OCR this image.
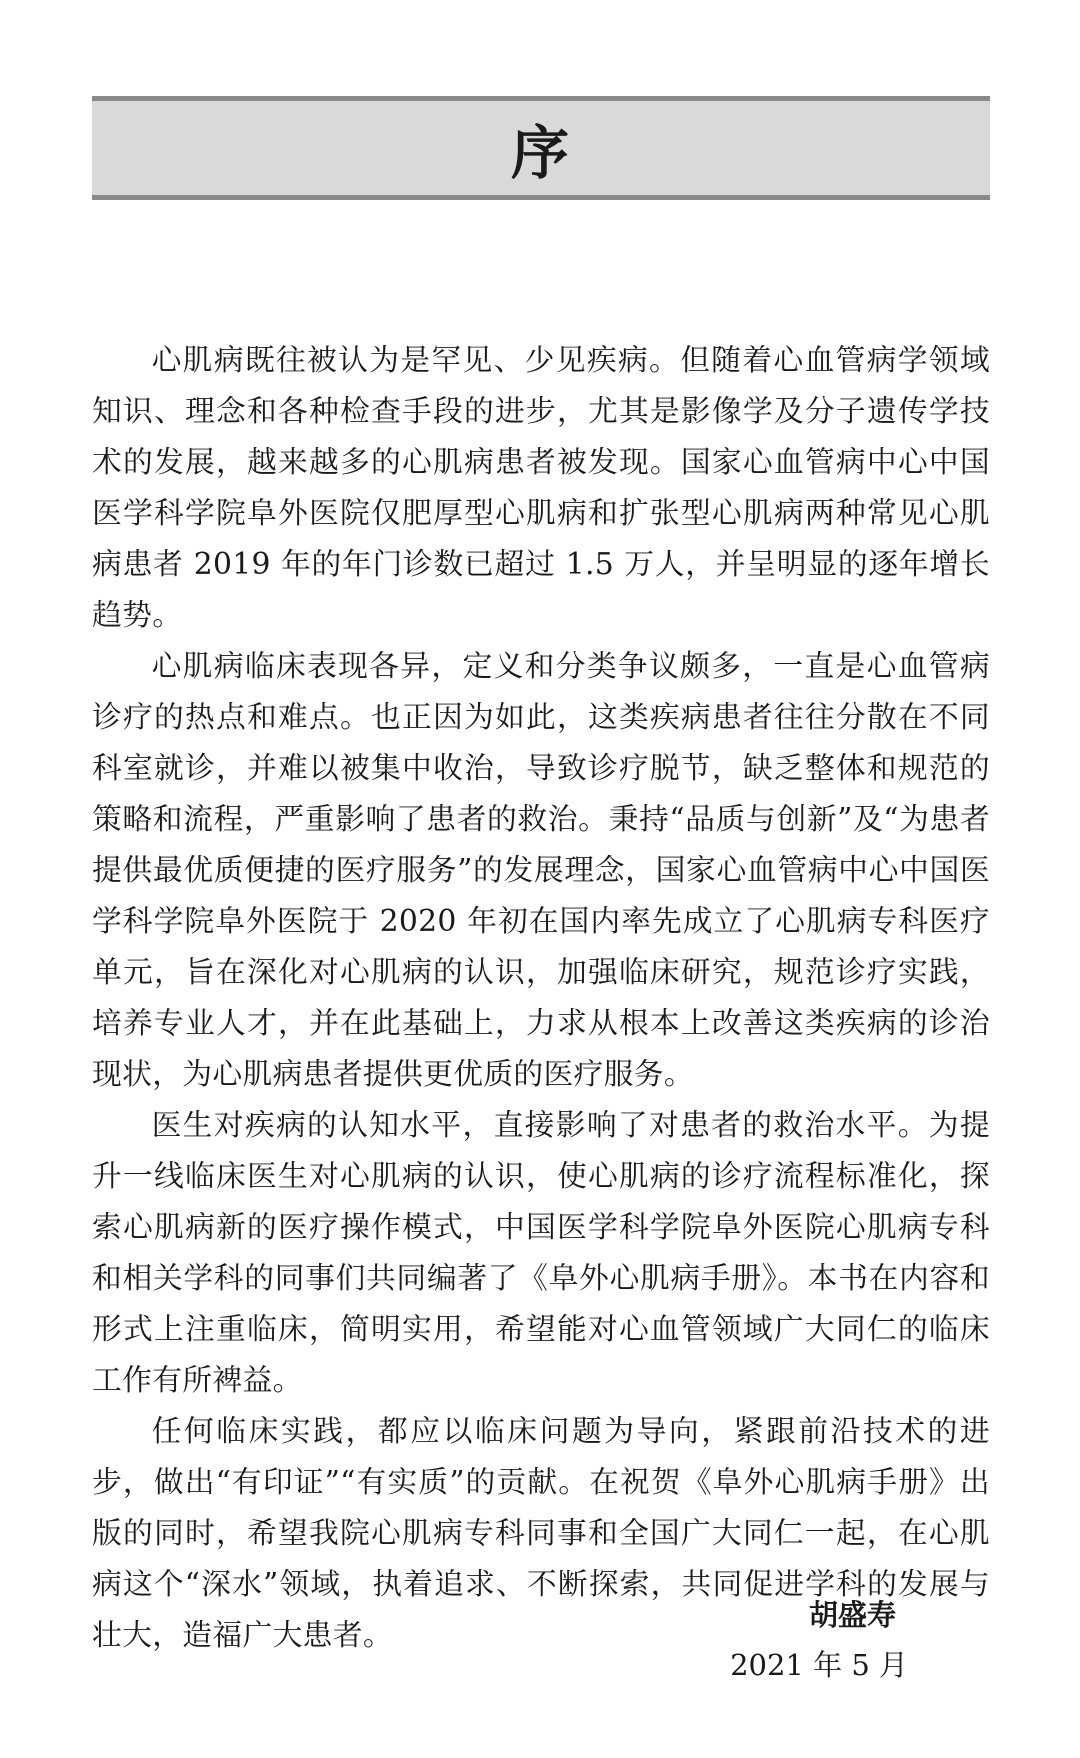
序

心肌病既往被认为是罕见、少见疾病。但随着心血管病学领域知识、理念和各种检查手段的进步，尤其是影像学及分子遗传学技术的发展，越来越多的心肌病患者被发现。国家心血管病中心中国医学科学院阜外医院仅肥厚型心肌病和扩张型心肌病两种常见心肌病患者 2019 年的年门诊数已超过 1.5 万人，并呈明显的逐年增长趋势。

心肌病临床表现各异，定义和分类争议颇多，一直是心血管病诊疗的热点和难点。也正因为如此，这类疾病患者往往分散在不同科室就诊，并难以被集中收治，导致诊疗脱节，缺乏整体和规范的策略和流程，严重影响了患者的救治。秉持“品质与创新”及“为患者提供最优质便捷的医疗服务”的发展理念，国家心血管病中心中国医学科学院阜外医院于 2020 年初在国内率先成立了心肌病专科医疗单元，旨在深化对心肌病的认识，加强临床研究，规范诊疗实践，培养专业人才，并在此基础上，力求从根本上改善这类疾病的诊治现状，为心肌病患者提供更优质的医疗服务。

医生对疾病的认知水平，直接影响了对患者的救治水平。为提升一线临床医生对心肌病的认识，使心肌病的诊疗流程标准化，探索心肌病新的医疗操作模式，中国医学科学院阜外医院心肌病专科和相关学科的同事们共同编著了《阜外心肌病手册》。本书在内容和形式上注重临床，简明实用，希望能对心血管领域广大同仁的临床工作有所裨益。

任何临床实践，都应以临床问题为导向，紧跟前沿技术的进步，做出“有印证”“有实质”的贡献。在祝贺《阜外心肌病手册》出版的同时，希望我院心肌病专科同事和全国广大同仁一起，在心肌病这个“深水”领域，执着追求、不断探索，共同促进学科的发展与壮大，造福广大患者。

胡盛寿
2021 年 5 月
